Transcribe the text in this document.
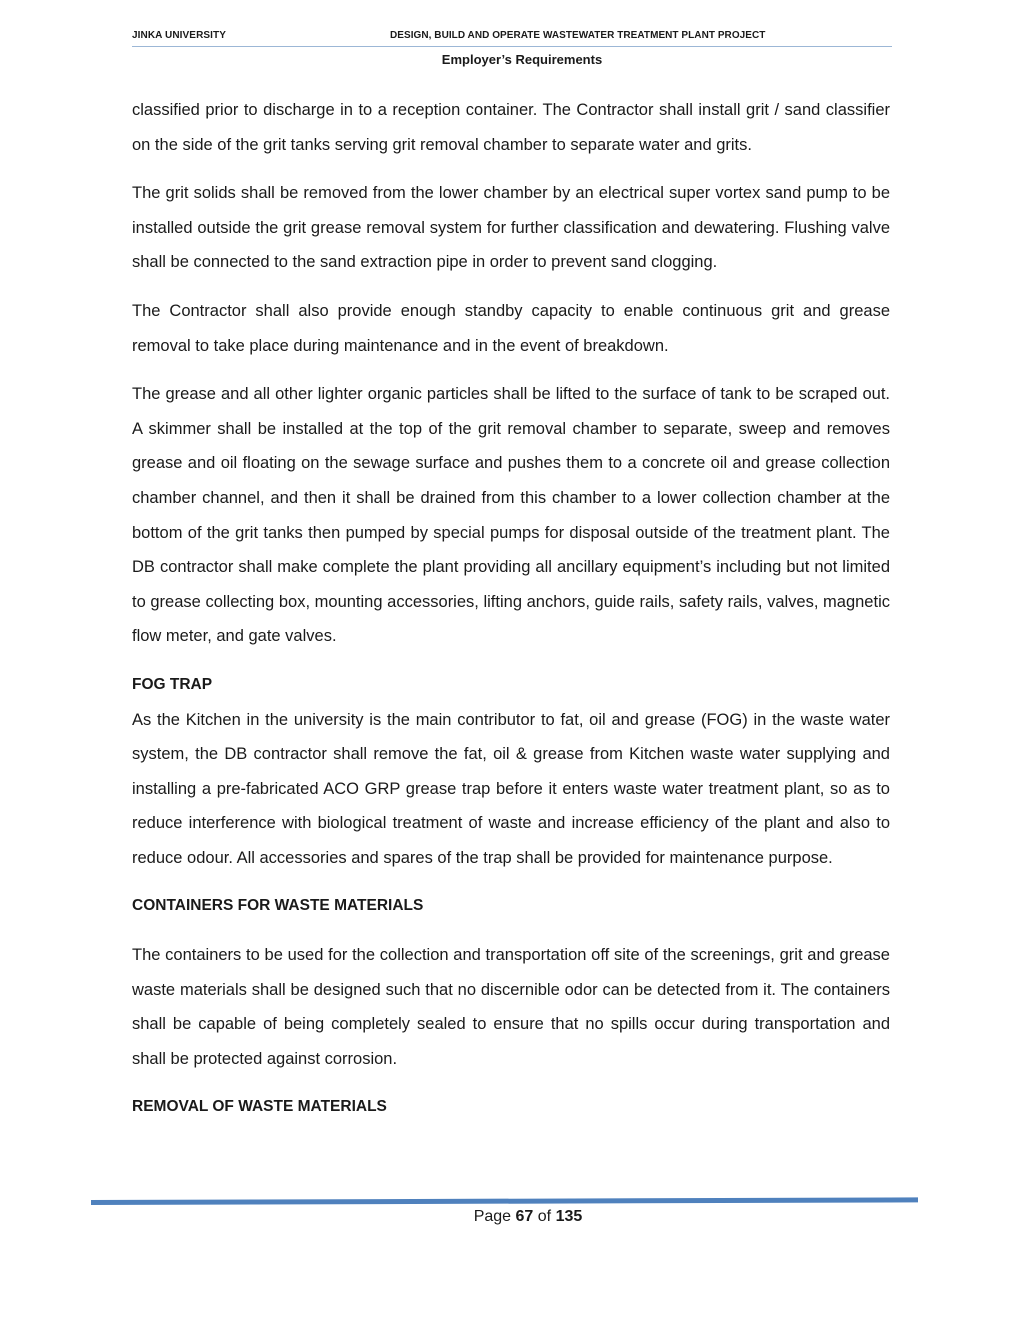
JINKA UNIVERSITY	DESIGN, BUILD AND OPERATE WASTEWATER TREATMENT PLANT PROJECT
Employer’s Requirements

classified prior to discharge in to a reception container. The Contractor shall install grit / sand classifier on the side of the grit tanks serving grit removal chamber to separate water and grits.

The grit solids shall be removed from the lower chamber by an electrical super vortex sand pump to be installed outside the grit grease removal system for further classification and dewatering. Flushing valve shall be connected to the sand extraction pipe in order to prevent sand clogging.

The Contractor shall also provide enough standby capacity to enable continuous grit and grease removal to take place during maintenance and in the event of breakdown.

The grease and all other lighter organic particles shall be lifted to the surface of tank to be scraped out. A skimmer shall be installed at the top of the grit removal chamber to separate, sweep and removes grease and oil floating on the sewage surface and pushes them to a concrete oil and grease collection chamber channel, and then it shall be drained from this chamber to a lower collection chamber at the bottom of the grit tanks then pumped by special pumps for disposal outside of the treatment plant. The DB contractor shall make complete the plant providing all ancillary equipment’s including but not limited to grease collecting box, mounting accessories, lifting anchors, guide rails, safety rails, valves, magnetic flow meter, and gate valves.

FOG TRAP

As the Kitchen in the university is the main contributor to fat, oil and grease (FOG) in the waste water system, the DB contractor shall remove the fat, oil & grease from Kitchen waste water supplying and installing a pre-fabricated ACO GRP grease trap before it enters waste water treatment plant, so as to reduce interference with biological treatment of waste and increase efficiency of the plant and also to reduce odour. All accessories and spares of the trap shall be provided for maintenance purpose.

CONTAINERS FOR WASTE MATERIALS

The containers to be used for the collection and transportation off site of the screenings, grit and grease waste materials shall be designed such that no discernible odor can be detected from it. The containers shall be capable of being completely sealed to ensure that no spills occur during transportation and shall be protected against corrosion.

REMOVAL OF WASTE MATERIALS
Page 67 of 135
